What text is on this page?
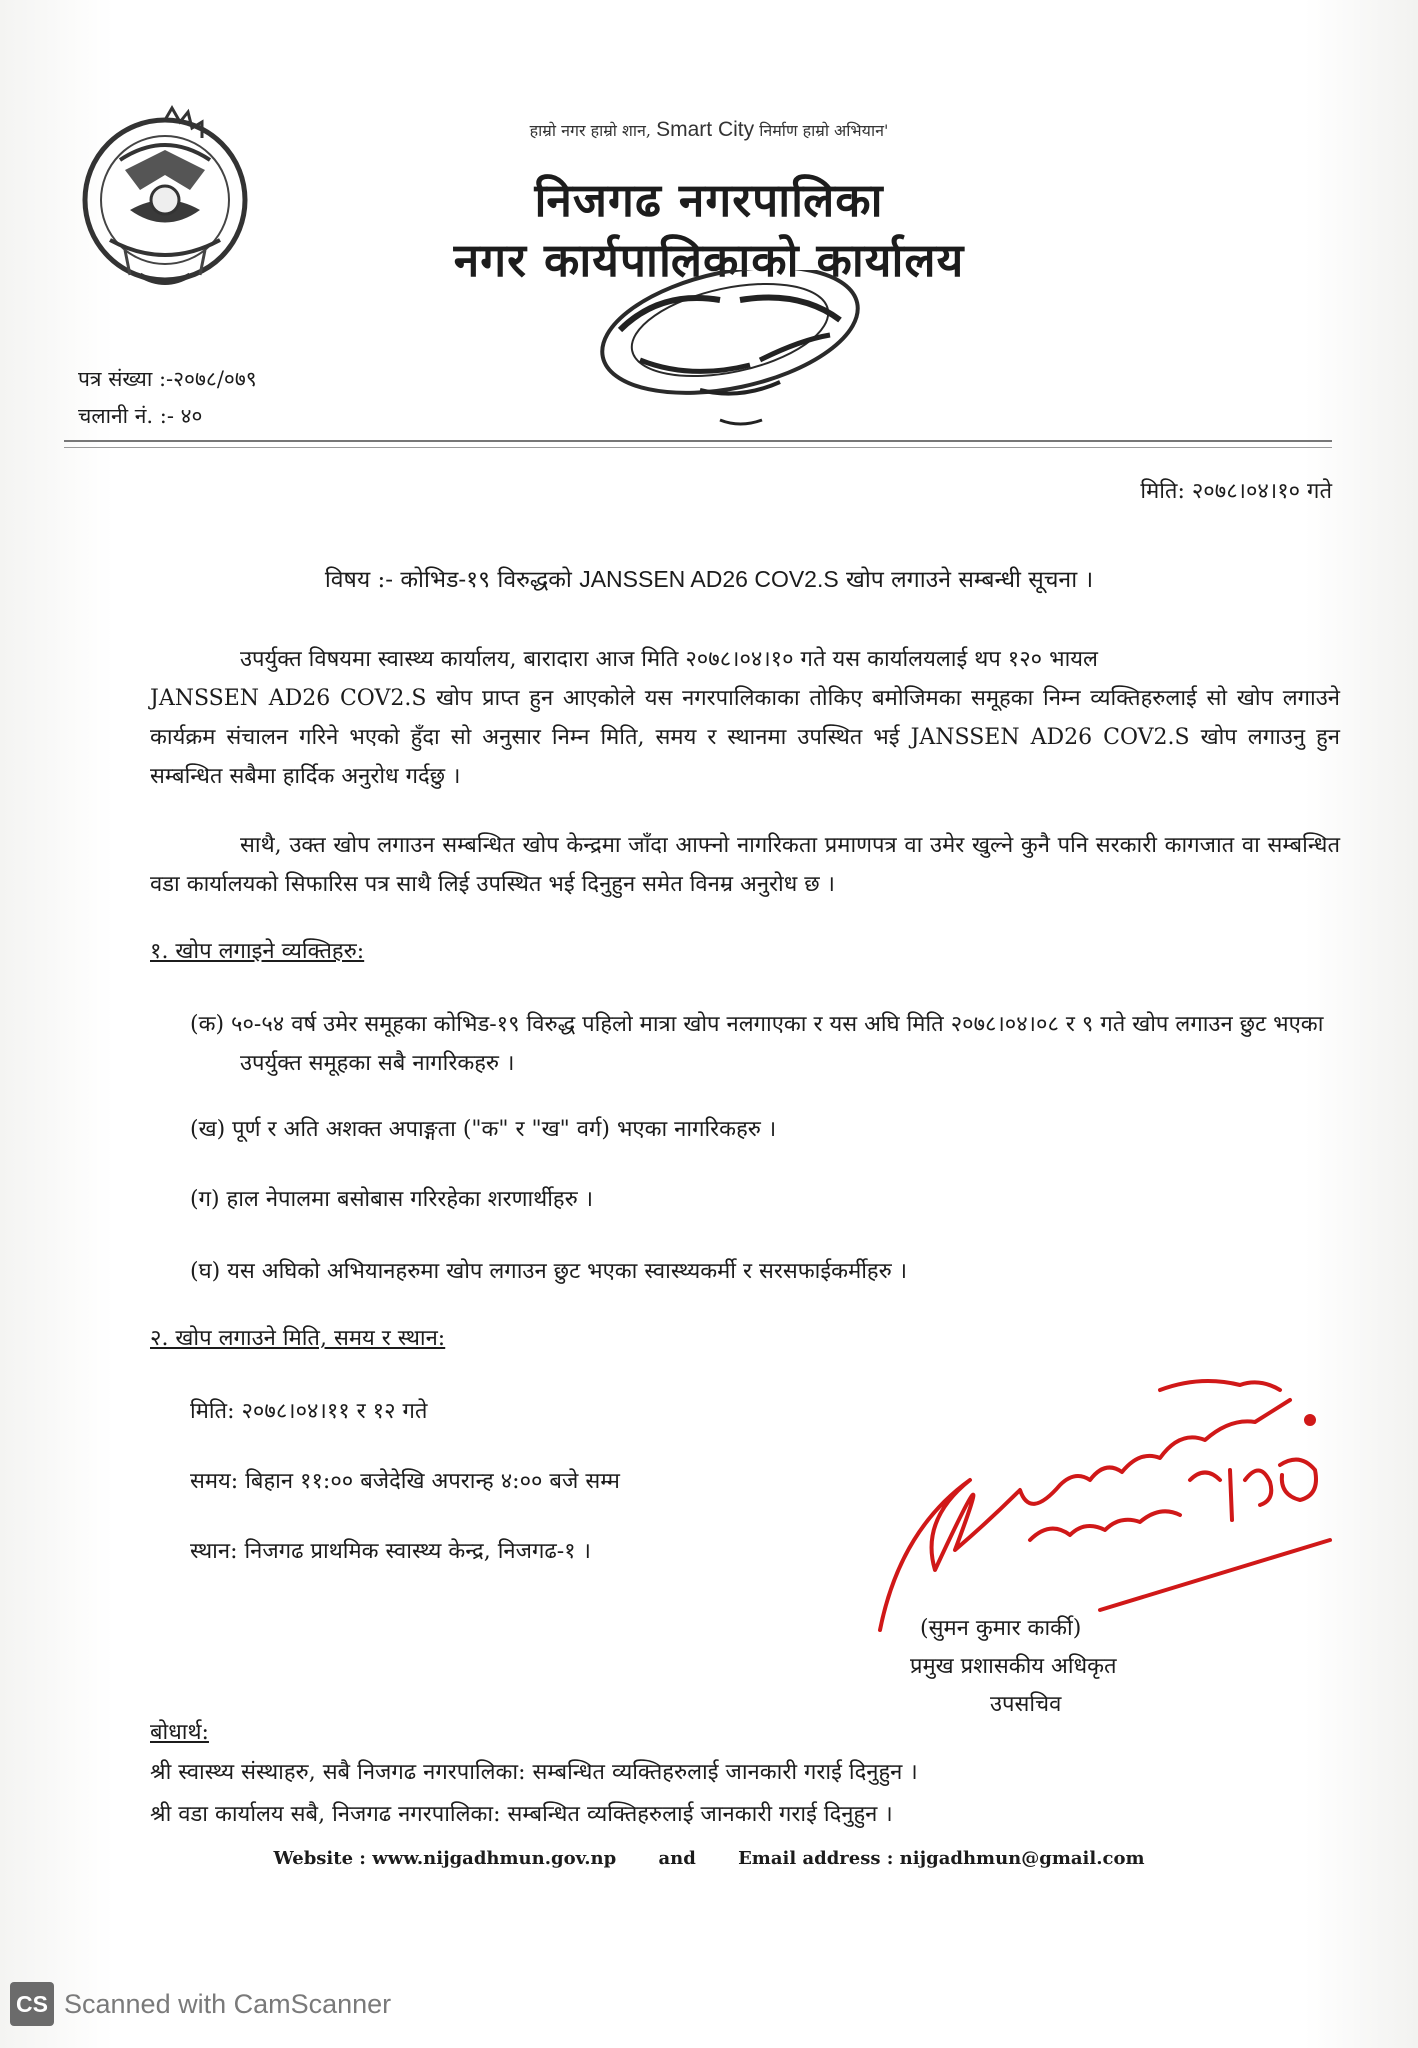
हाम्रो नगर हाम्रो शान, Smart City निर्माण हाम्रो अभियान'
निजगढ नगरपालिका
नगर कार्यपालिकाको कार्यालय
पत्र संख्या :-२०७८/०७९
चलानी नं. :- ४०
मिति: २०७८।०४।१० गते
विषय :- कोभिड-१९ विरुद्धको JANSSEN AD26 COV2.S खोप लगाउने सम्बन्धी सूचना ।
उपर्युक्त विषयमा स्वास्थ्य कार्यालय, बारादारा आज मिति २०७८।०४।१० गते यस कार्यालयलाई थप १२० भायल
JANSSEN AD26 COV2.S खोप प्राप्त हुन आएकोले यस नगरपालिकाका तोकिए बमोजिमका समूहका निम्न व्यक्तिहरुलाई सो खोप लगाउने कार्यक्रम संचालन गरिने भएको हुँदा सो अनुसार निम्न मिति, समय र स्थानमा उपस्थित भई JANSSEN AD26 COV2.S खोप लगाउनु हुन सम्बन्धित सबैमा हार्दिक अनुरोध गर्दछु ।
साथै, उक्त खोप लगाउन सम्बन्धित खोप केन्द्रमा जाँदा आफ्नो नागरिकता प्रमाणपत्र वा उमेर खुल्ने कुनै पनि सरकारी कागजात वा सम्बन्धित वडा कार्यालयको सिफारिस पत्र साथै लिई उपस्थित भई दिनुहुन समेत विनम्र अनुरोध छ ।
१. खोप लगाइने व्यक्तिहरु:
(क) ५०-५४ वर्ष उमेर समूहका कोभिड-१९ विरुद्ध पहिलो मात्रा खोप नलगाएका र यस अघि मिति २०७८।०४।०८ र ९ गते खोप लगाउन छुट भएका उपर्युक्त समूहका सबै नागरिकहरु ।
(ख) पूर्ण र अति अशक्त अपाङ्गता ("क" र "ख" वर्ग) भएका नागरिकहरु ।
(ग) हाल नेपालमा बसोबास गरिरहेका शरणार्थीहरु ।
(घ) यस अघिको अभियानहरुमा खोप लगाउन छुट भएका स्वास्थ्यकर्मी र सरसफाईकर्मीहरु ।
२. खोप लगाउने मिति, समय र स्थान:
मिति: २०७८।०४।११ र १२ गते
समय: बिहान ११:०० बजेदेखि अपरान्ह ४:०० बजे सम्म
स्थान: निजगढ प्राथमिक स्वास्थ्य केन्द्र, निजगढ-१ ।
(सुमन कुमार कार्की)
प्रमुख प्रशासकीय अधिकृत
उपसचिव
बोधार्थ:
श्री स्वास्थ्य संस्थाहरु, सबै निजगढ नगरपालिका: सम्बन्धित व्यक्तिहरुलाई जानकारी गराई दिनुहुन ।
श्री वडा कार्यालय सबै, निजगढ नगरपालिका: सम्बन्धित व्यक्तिहरुलाई जानकारी गराई दिनुहुन ।
Website : www.nijgadhmun.gov.np and Email address : nijgadhmun@gmail.com
CS Scanned with CamScanner
